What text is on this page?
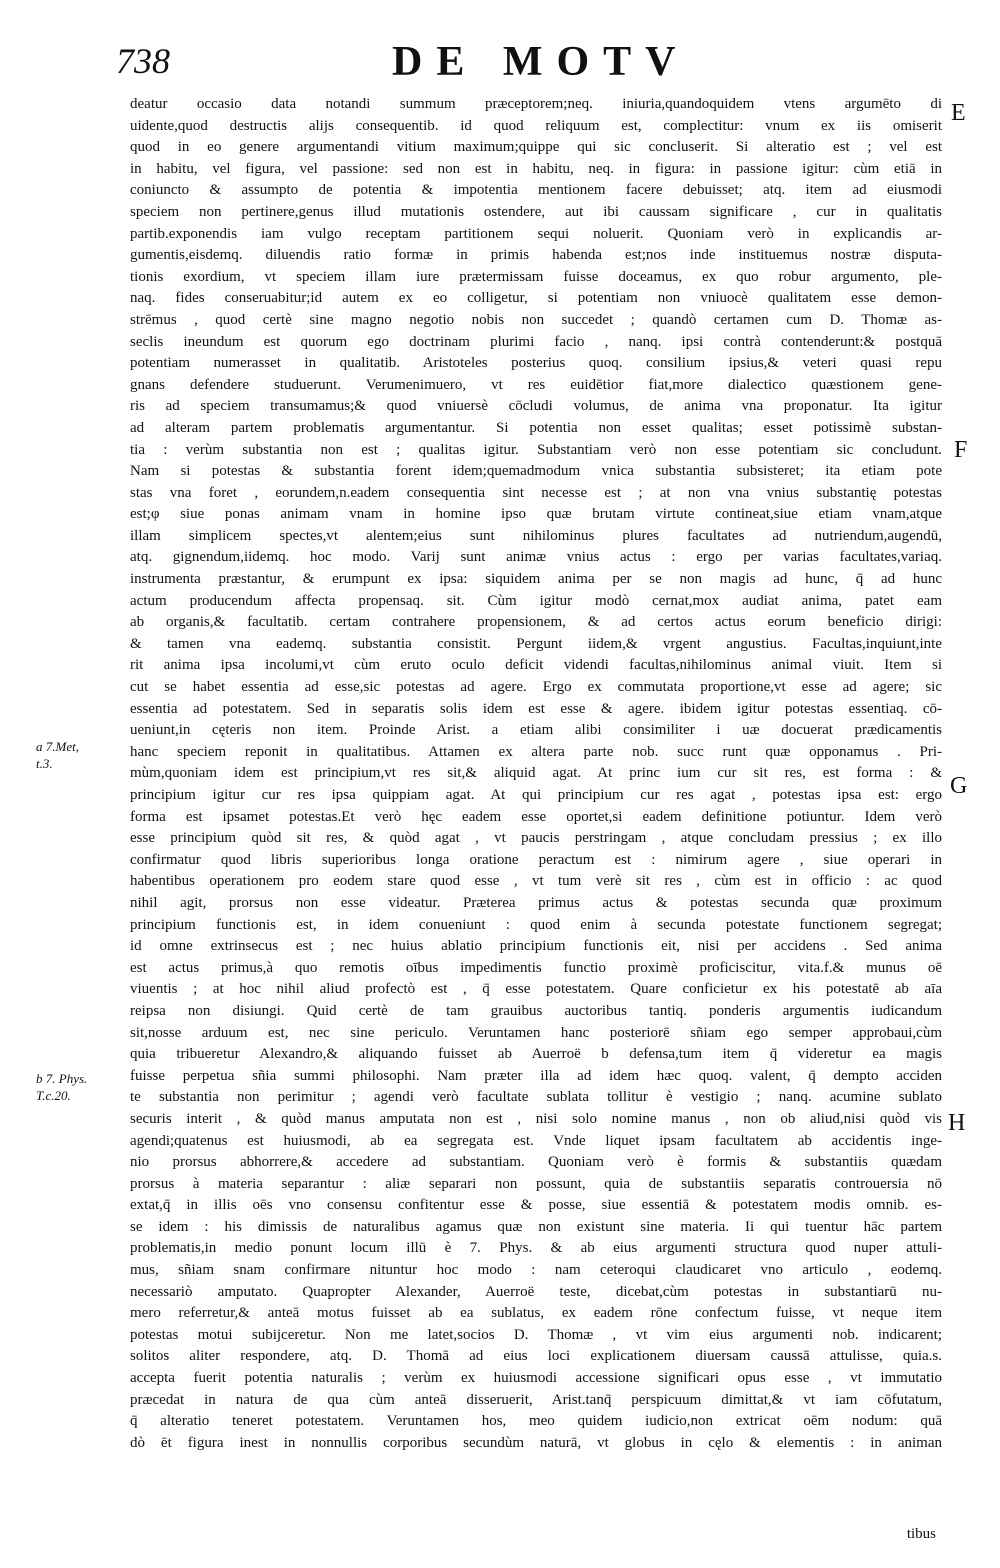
738	DE MOTV
E
F
G
H
a 7.Met,
t.3.
b 7. Phys.
T.c.20.
deatur occasio data notandi summum præceptorem;neq. iniuria,quandoquidem vtens argumēto di
uidente,quod destructis alijs consequentib. id quod reliquum est, complectitur: vnum ex iis omiserit
quod in eo genere argumentandi vitium maximum;quippe qui sic concluserit. Si alteratio est ; vel est
in habitu, vel figura, vel passione: sed non est in habitu, neq. in figura: in passione igitur: cùm etiā in
coniuncto & assumpto de potentia & impotentia mentionem facere debuisset; atq. item ad eiusmodi
speciem non pertinere,genus illud mutationis ostendere, aut ibi caussam significare , cur in qualitatis
partib.exponendis iam vulgo receptam partitionem sequi noluerit. Quoniam verò in explicandis ar-
gumentis,eisdemq. diluendis ratio formæ in primis habenda est;nos inde instituemus nostræ disputa-
tionis exordium, vt speciem illam iure prætermissam fuisse doceamus, ex quo robur argumento, ple-
naq. fides conseruabitur;id autem ex eo colligetur, si potentiam non vniuocè qualitatem esse demon-
strēmus , quod certè sine magno negotio nobis non succedet ; quandò certamen cum D. Thomæ as-
seclis ineundum est quorum ego doctrinam plurimi facio , nanq. ipsi contrà contenderunt:& postquā
potentiam numerasset in qualitatib. Aristoteles posterius quoq. consilium ipsius,& veteri quasi repu
gnans defendere studuerunt. Verumenimuero, vt res euidētior fiat,more dialectico quæstionem gene-
ris ad speciem transumamus;& quod vniuersè cōcludi volumus, de anima vna proponatur. Ita igitur
ad alteram partem problematis argumentantur. Si potentia non esset qualitas; esset potissimè substan-
tia : verùm substantia non est ; qualitas igitur. Substantiam verò non esse potentiam sic concludunt.
Nam si potestas & substantia forent idem;quemadmodum vnica substantia subsisteret; ita etiam pote
stas vna foret , eorundem,n.eadem consequentia sint necesse est ; at non vna vnius substantię potestas
est;φ siue ponas animam vnam in homine ipso quæ brutam virtute contineat,siue etiam vnam,atque
illam simplicem spectes,vt alentem;eius sunt nihilominus plures facultates ad nutriendum,augendū,
atq. gignendum,iidemq. hoc modo. Varij sunt animæ vnius actus : ergo per varias facultates,variaq.
instrumenta præstantur, & erumpunt ex ipsa: siquidem anima per se non magis ad hunc, q̄ ad hunc
actum producendum affecta propensaq. sit. Cùm igitur modò cernat,mox audiat anima, patet eam
ab organis,& facultatib. certam contrahere propensionem, & ad certos actus eorum beneficio dirigi:
& tamen vna eademq. substantia consistit. Pergunt iidem,& vrgent angustius. Facultas,inquiunt,inte
rit anima ipsa incolumi,vt cùm eruto oculo deficit videndi facultas,nihilominus animal viuit. Item si
cut se habet essentia ad esse,sic potestas ad agere. Ergo ex commutata proportione,vt esse ad agere; sic
essentia ad potestatem. Sed in separatis solis idem est esse & agere. ibidem igitur potestas essentiaq. cō-
ueniunt,in cęteris non item. Proinde Arist. a etiam alibi consimiliter i uæ docuerat prædicamentis
hanc speciem reponit in qualitatibus. Attamen ex altera parte nob. succ runt quæ opponamus . Pri-
mùm,quoniam idem est principium,vt res sit,& aliquid agat. At princ ium cur sit res, est forma : &
principium igitur cur res ipsa quippiam agat. At qui principium cur res agat , potestas ipsa est: ergo
forma est ipsamet potestas.Et verò hęc eadem esse oportet,si eadem definitione potiuntur. Idem verò
esse principium quòd sit res, & quòd agat , vt paucis perstringam , atque concludam pressius ; ex illo
confirmatur quod libris superioribus longa oratione peractum est : nimirum agere , siue operari in
habentibus operationem pro eodem stare quod esse , vt tum verè sit res , cùm est in officio : ac quod
nihil agit, prorsus non esse videatur. Præterea primus actus & potestas secunda quæ proximum
principium functionis est, in idem conueniunt : quod enim à secunda potestate functionem segregat;
id omne extrinsecus est ; nec huius ablatio principium functionis eit, nisi per accidens . Sed anima
est actus primus,à quo remotis oībus impedimentis functio proximè proficiscitur, vita.f.& munus oē
viuentis ; at hoc nihil aliud profectò est , q̄ esse potestatem. Quare conficietur ex his potestatē ab aīa
reipsa non disiungi. Quid certè de tam grauibus auctoribus tantiq. ponderis argumentis iudicandum
sit,nosse arduum est, nec sine periculo. Veruntamen hanc posteriorē sñiam ego semper approbaui,cùm
quia tribueretur Alexandro,& aliquando fuisset ab Auerroë b defensa,tum item q̄ videretur ea magis
fuisse perpetua sñia summi philosophi. Nam præter illa ad idem hæc quoq. valent, q̄ dempto acciden
te substantia non perimitur ; agendi verò facultate sublata tollitur è vestigio ; nanq. acumine sublato
securis interit , & quòd manus amputata non est , nisi solo nomine manus , non ob aliud,nisi quòd vis
agendi;quatenus est huiusmodi, ab ea segregata est. Vnde liquet ipsam facultatem ab accidentis inge-
nio prorsus abhorrere,& accedere ad substantiam. Quoniam verò è formis & substantiis quædam
prorsus à materia separantur : aliæ separari non possunt, quia de substantiis separatis controuersia nō
extat,q̄ in illis oēs vno consensu confitentur esse & posse, siue essentiā & potestatem modis omnib. es-
se idem : his dimissis de naturalibus agamus quæ non existunt sine materia. Ii qui tuentur hāc partem
problematis,in medio ponunt locum illū è 7. Phys. & ab eius argumenti structura quod nuper attuli-
mus, sñiam snam confirmare nituntur hoc modo : nam ceteroqui claudicaret vno articulo , eodemq.
necessariò amputato. Quapropter Alexander, Auerroë teste, dicebat,cùm potestas in substantiarū nu-
mero referretur,& anteā motus fuisset ab ea sublatus, ex eadem rōne confectum fuisse, vt neque item
potestas motui subijceretur. Non me latet,socios D. Thomæ , vt vim eius argumenti nob. indicarent;
solitos aliter respondere, atq. D. Thomā ad eius loci explicationem diuersam caussā attulisse, quia.s.
accepta fuerit potentia naturalis ; verùm ex huiusmodi accessione significari opus esse , vt immutatio
præcedat in natura de qua cùm anteā disseruerit, Arist.tanq̄ perspicuum dimittat,& vt iam cōfutatum,
q̄ alteratio teneret potestatem. Veruntamen hos, meo quidem iudicio,non extricat oēm nodum: quā
dò ēt figura inest in nonnullis corporibus secundùm naturā, vt globus in cęlo & elementis : in animan
tibus
